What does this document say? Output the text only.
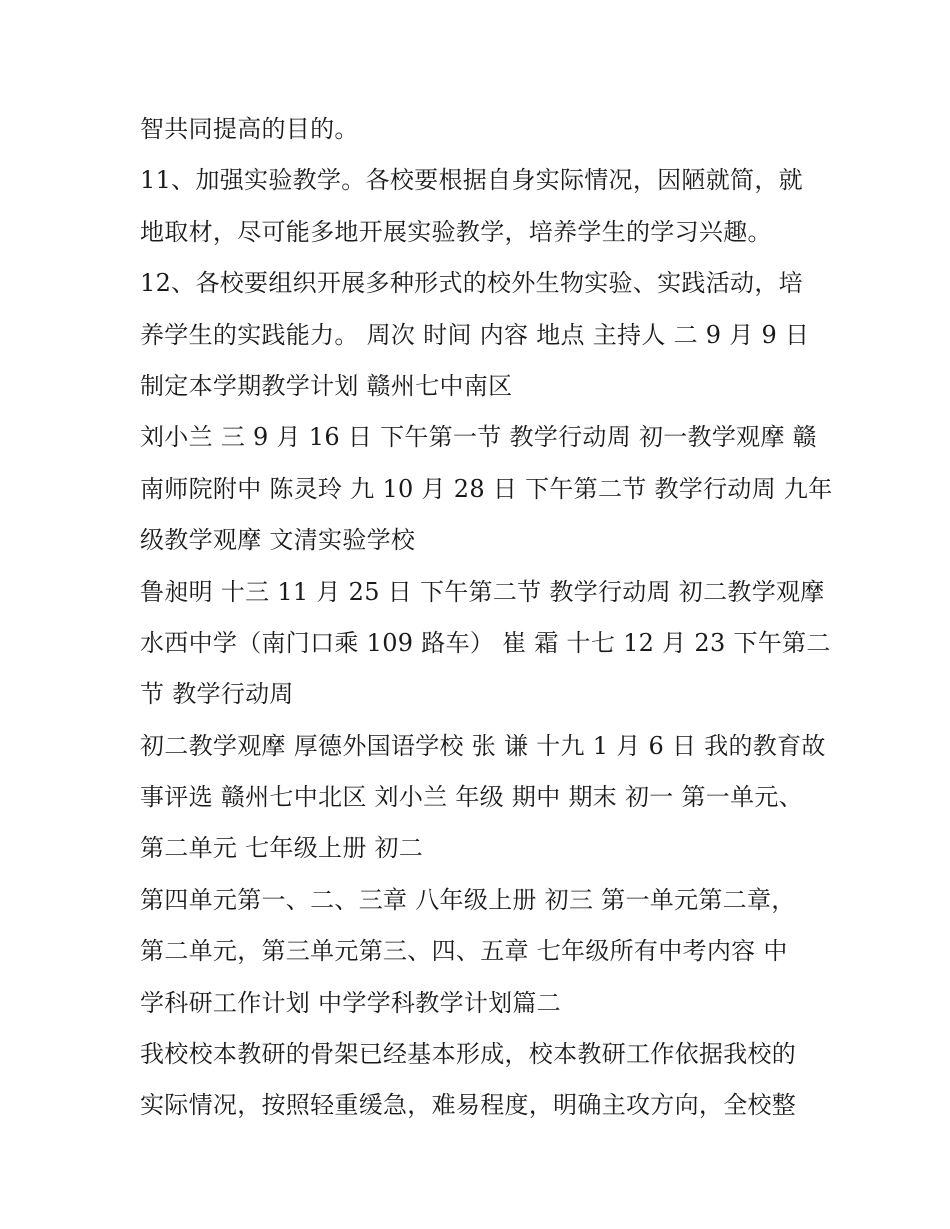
智共同提高的目的。
11、加强实验教学。各校要根据自身实际情况，因陋就简，就
地取材，尽可能多地开展实验教学，培养学生的学习兴趣。
12、各校要组织开展多种形式的校外生物实验、实践活动，培
养学生的实践能力。 周次 时间 内容 地点 主持人 二 9 月 9 日
制定本学期教学计划 赣州七中南区
刘小兰 三 9 月 16 日 下午第一节 教学行动周 初一教学观摩 赣
南师院附中 陈灵玲 九 10 月 28 日 下午第二节 教学行动周 九年
级教学观摩 文清实验学校
鲁昶明 十三 11 月 25 日 下午第二节 教学行动周 初二教学观摩
水西中学（南门口乘 109 路车） 崔 霜 十七 12 月 23 下午第二
节 教学行动周
初二教学观摩 厚德外国语学校 张 谦 十九 1 月 6 日 我的教育故
事评选 赣州七中北区 刘小兰 年级 期中 期末 初一 第一单元、
第二单元 七年级上册 初二
第四单元第一、二、三章 八年级上册 初三 第一单元第二章，
第二单元，第三单元第三、四、五章 七年级所有中考内容 中
学科研工作计划 中学学科教学计划篇二
我校校本教研的骨架已经基本形成，校本教研工作依据我校的
实际情况，按照轻重缓急，难易程度，明确主攻方向，全校整
